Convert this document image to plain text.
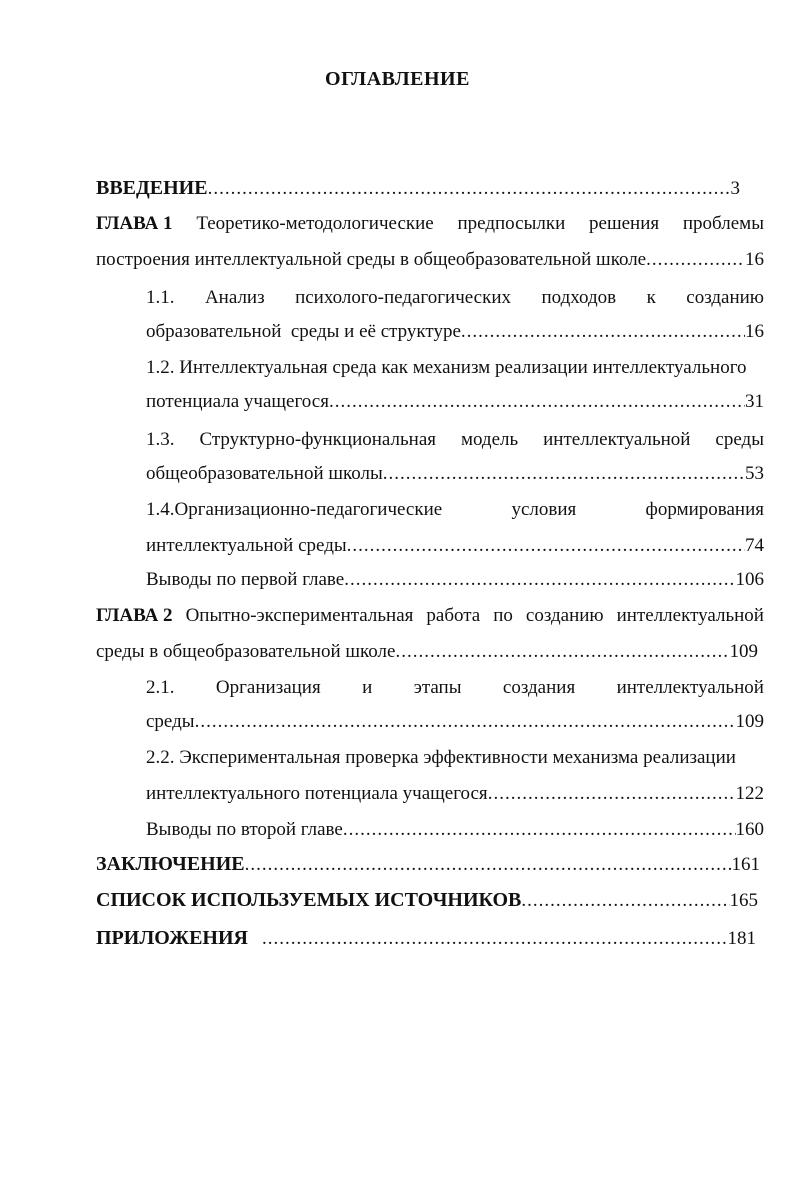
ОГЛАВЛЕНИЕ
ВВЕДЕНИЕ .....	3
ГЛАВА 1 Теоретико-методологические предпосылки решения проблемы
построения интеллектуальной среды в общеобразовательной школе .....	16
1.1. Анализ психолого-педагогических подходов к созданию
образовательной  среды и её структуре .....	16
1.2. Интеллектуальная среда как механизм реализации интеллектуального
потенциала учащегося .....	31
1.3. Структурно-функциональная модель интеллектуальной среды
общеобразовательной школы .....	53
1.4.Организационно-педагогические	условия	формирования
интеллектуальной среды .....	74
Выводы по первой главе .....	106
ГЛАВА 2 Опытно-экспериментальная работа по созданию интеллектуальной
среды в общеобразовательной школе .....	109
2.1. Организация и этапы создания интеллектуальной
среды .....	109
2.2. Экспериментальная проверка эффективности механизма реализации
интеллектуального потенциала учащегося .....	122
Выводы по второй главе .....	160
ЗАКЛЮЧЕНИЕ .....	161
СПИСОК ИСПОЛЬЗУЕМЫХ ИСТОЧНИКОВ .....	165
ПРИЛОЖЕНИЯ .....	181
